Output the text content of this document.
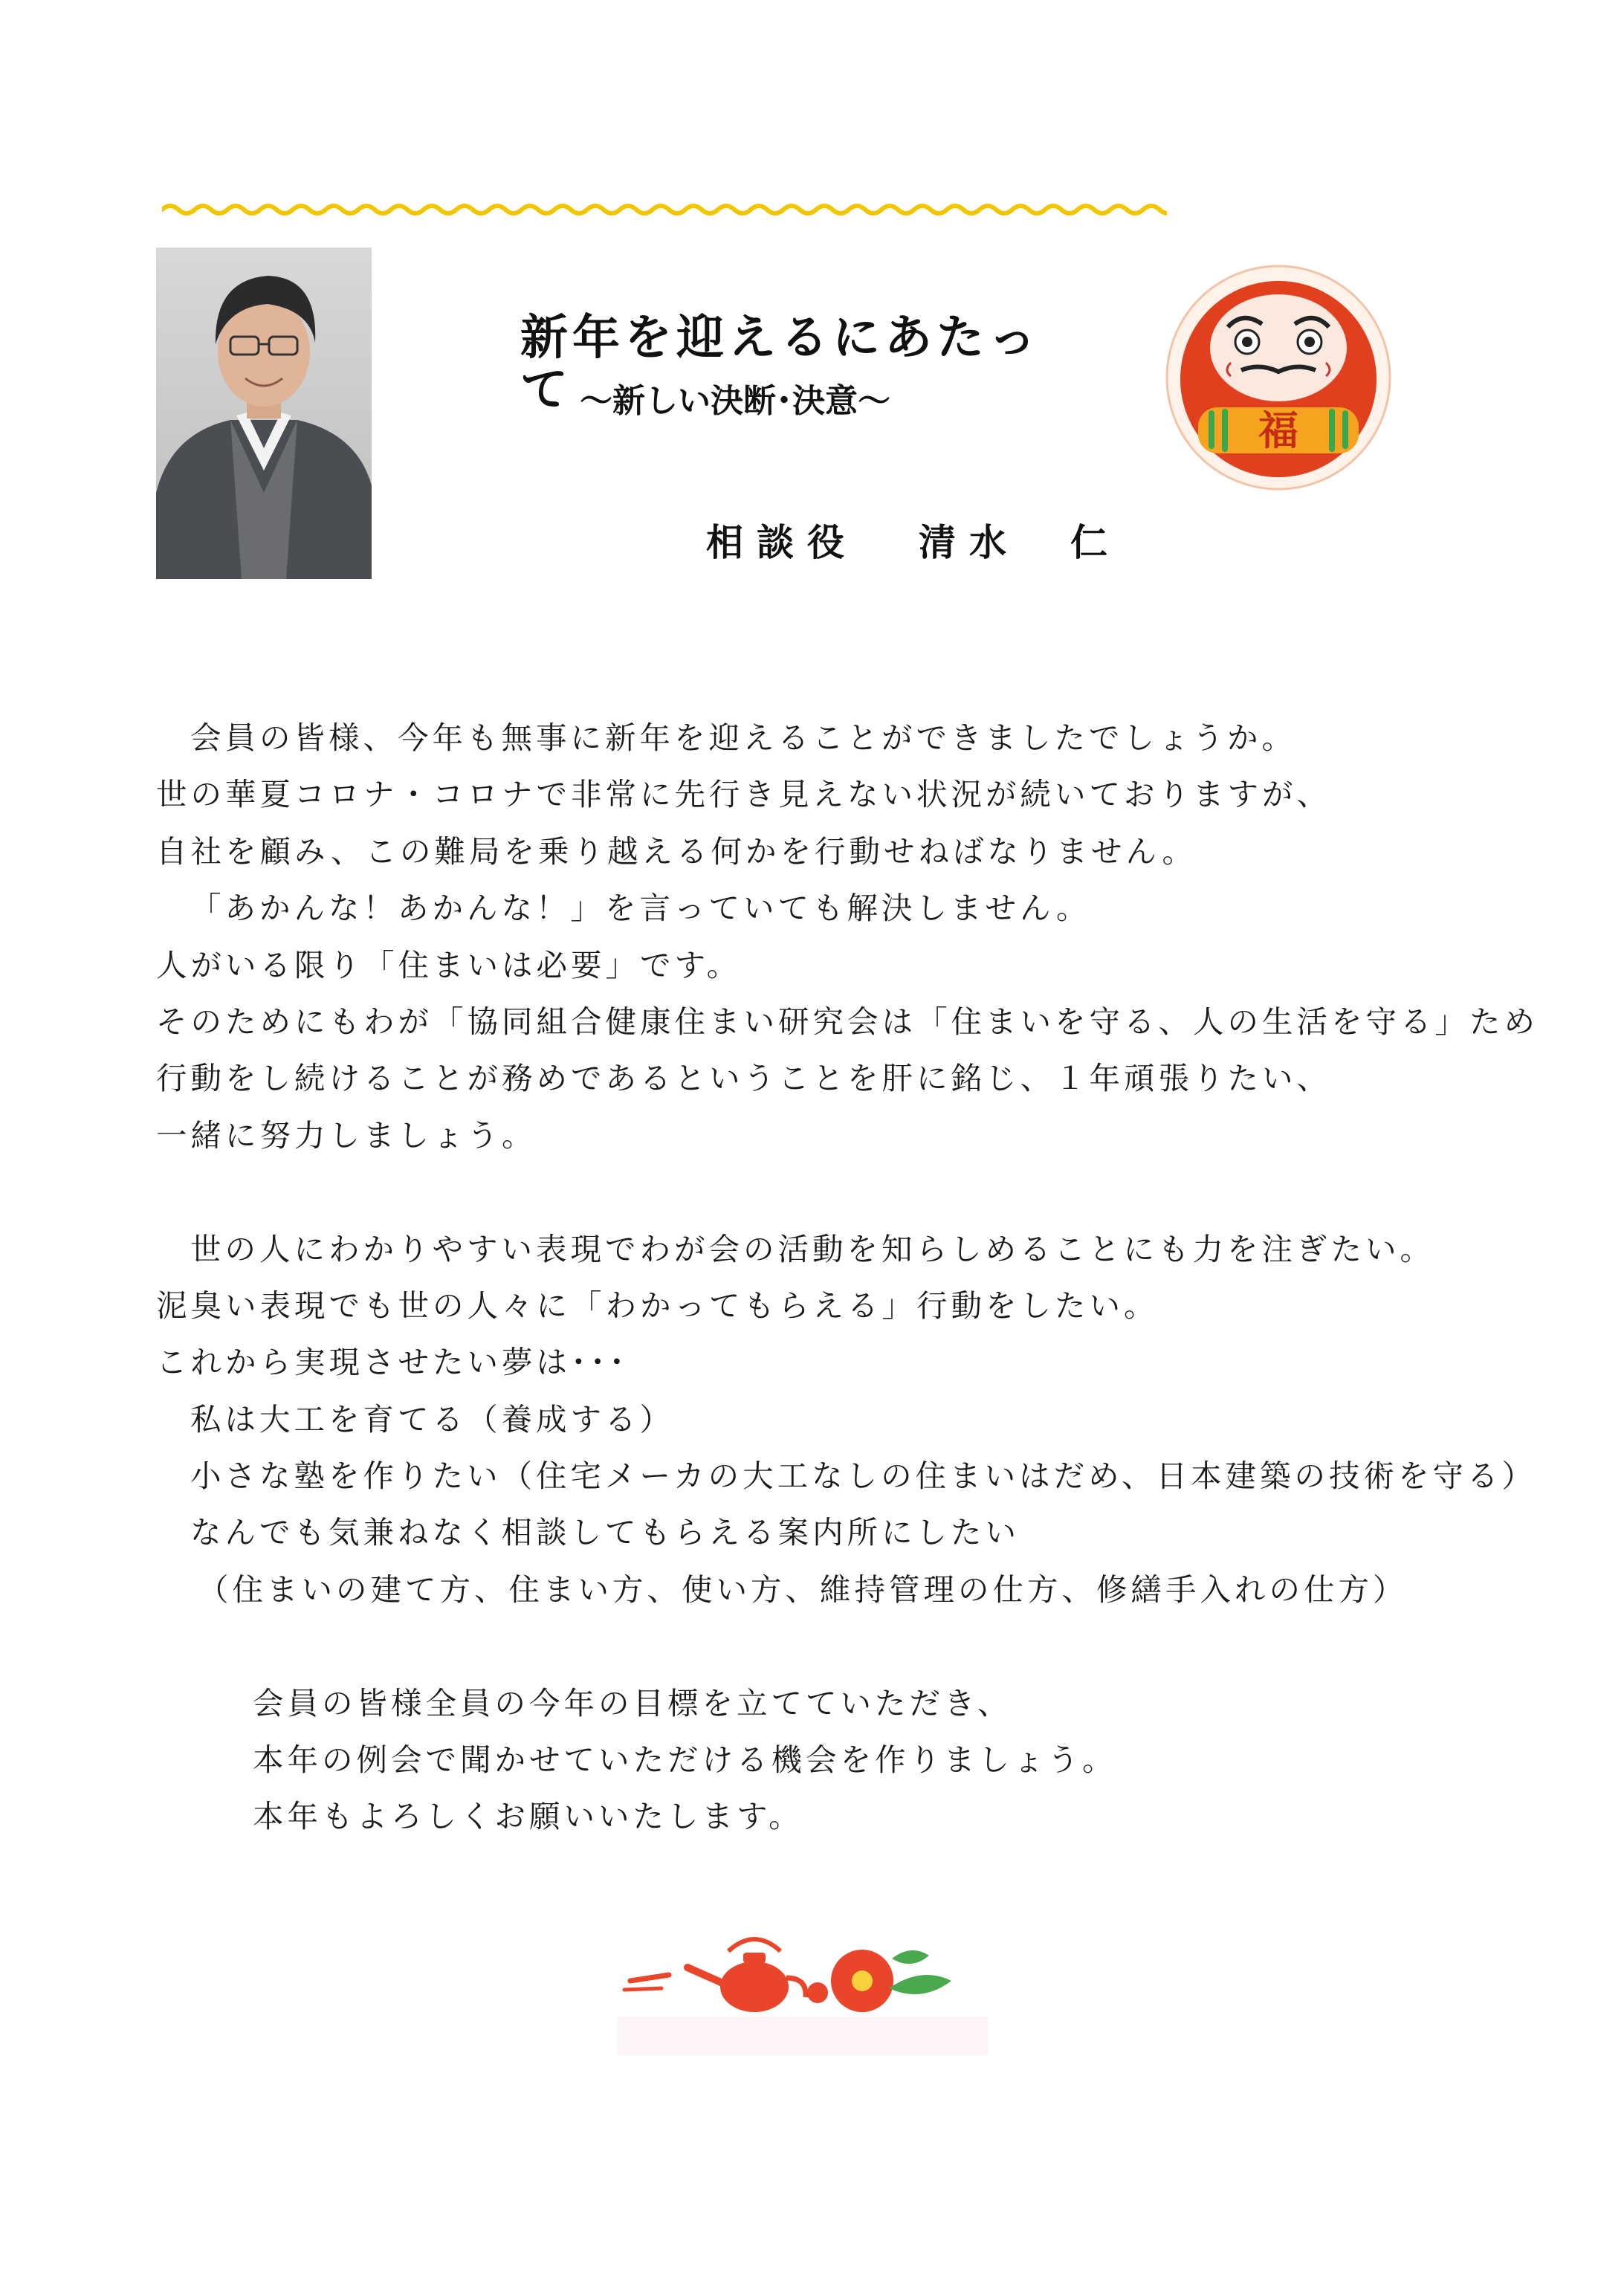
新年を迎えるにあたって ～新しい決断･決意～
福

相談役 清水　仁

会員の皆様、今年も無事に新年を迎えることができましたでしょうか。
世の華夏コロナ・コロナで非常に先行き見えない状況が続いておりますが、
自社を顧み、この難局を乗り越える何かを行動せねばなりません。
「あかんな！あかんな！」を言っていても解決しません。
人がいる限り「住まいは必要」です。
そのためにもわが「協同組合健康住まい研究会は「住まいを守る、人の生活を守る」ため
行動をし続けることが務めであるということを肝に銘じ、１年頑張りたい、
一緒に努力しましょう。
世の人にわかりやすい表現でわが会の活動を知らしめることにも力を注ぎたい。
泥臭い表現でも世の人々に「わかってもらえる」行動をしたい。
これから実現させたい夢は･･･
私は大工を育てる（養成する）
小さな塾を作りたい（住宅メーカの大工なしの住まいはだめ、日本建築の技術を守る）
なんでも気兼ねなく相談してもらえる案内所にしたい
（住まいの建て方、住まい方、使い方、維持管理の仕方、修繕手入れの仕方）
会員の皆様全員の今年の目標を立てていただき、
本年の例会で聞かせていただける機会を作りましょう。
本年もよろしくお願いいたします。
